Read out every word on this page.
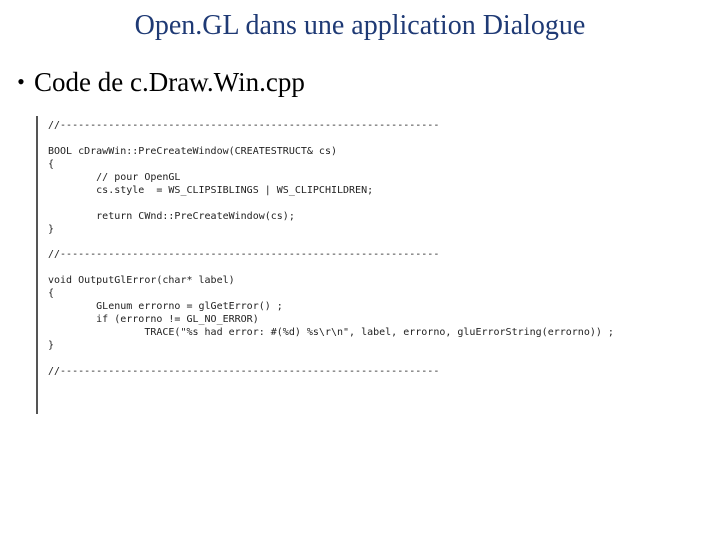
Open.GL dans une application Dialogue
• Code de c.Draw.Win.cpp
//---------------------------------------------------------------
BOOL cDrawWin::PreCreateWindow(CREATESTRUCT& cs)
{
// pour OpenGL
cs.style  = WS_CLIPSIBLINGS | WS_CLIPCHILDREN;
return CWnd::PreCreateWindow(cs);
}
//---------------------------------------------------------------
void OutputGlError(char* label)
{
GLenum errorno = glGetError() ;
if (errorno != GL_NO_ERROR)
TRACE("%s had error: #(%d) %s\r\n", label, errorno, gluErrorString(errorno)) ;
}
//---------------------------------------------------------------
